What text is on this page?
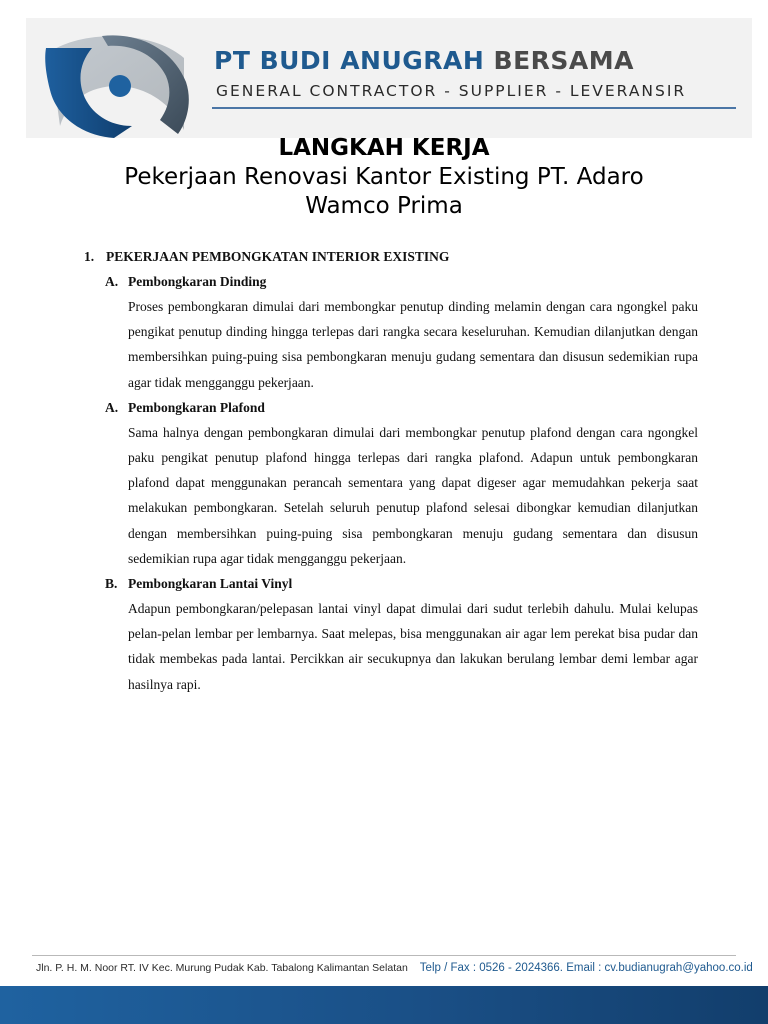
PT BUDI ANUGRAH BERSAMA
GENERAL CONTRACTOR - SUPPLIER - LEVERANSIR
LANGKAH KERJA
Pekerjaan Renovasi Kantor Existing PT. Adaro Wamco Prima
1. PEKERJAAN PEMBONGKATAN INTERIOR EXISTING
A. Pembongkaran Dinding

Proses pembongkaran dimulai dari membongkar penutup dinding melamin dengan cara ngongkel paku pengikat penutup dinding hingga terlepas dari rangka secara keseluruhan. Kemudian dilanjutkan dengan membersihkan puing-puing sisa pembongkaran menuju gudang sementara dan disusun sedemikian rupa agar tidak mengganggu pekerjaan.

A. Pembongkaran Plafond

Sama halnya dengan pembongkaran dimulai dari membongkar penutup plafond dengan cara ngongkel paku pengikat penutup plafond hingga terlepas dari rangka plafond. Adapun untuk pembongkaran plafond dapat menggunakan perancah sementara yang dapat digeser agar memudahkan pekerja saat melakukan pembongkaran. Setelah seluruh penutup plafond selesai dibongkar kemudian dilanjutkan dengan membersihkan puing-puing sisa pembongkaran menuju gudang sementara dan disusun sedemikian rupa agar tidak mengganggu pekerjaan.

B. Pembongkaran Lantai Vinyl

Adapun pembongkaran/pelepasan lantai vinyl dapat dimulai dari sudut terlebih dahulu. Mulai kelupas pelan-pelan lembar per lembarnya. Saat melepas, bisa menggunakan air agar lem perekat bisa pudar dan tidak membekas pada lantai. Percikkan air secukupnya dan lakukan berulang lembar demi lembar agar hasilnya rapi.

Jln. P. H. M. Noor RT. IV Kec. Murung Pudak Kab. Tabalong Kalimantan Selatan Telp / Fax : 0526 - 2024366. Email : cv.budianugrah@yahoo.co.id
